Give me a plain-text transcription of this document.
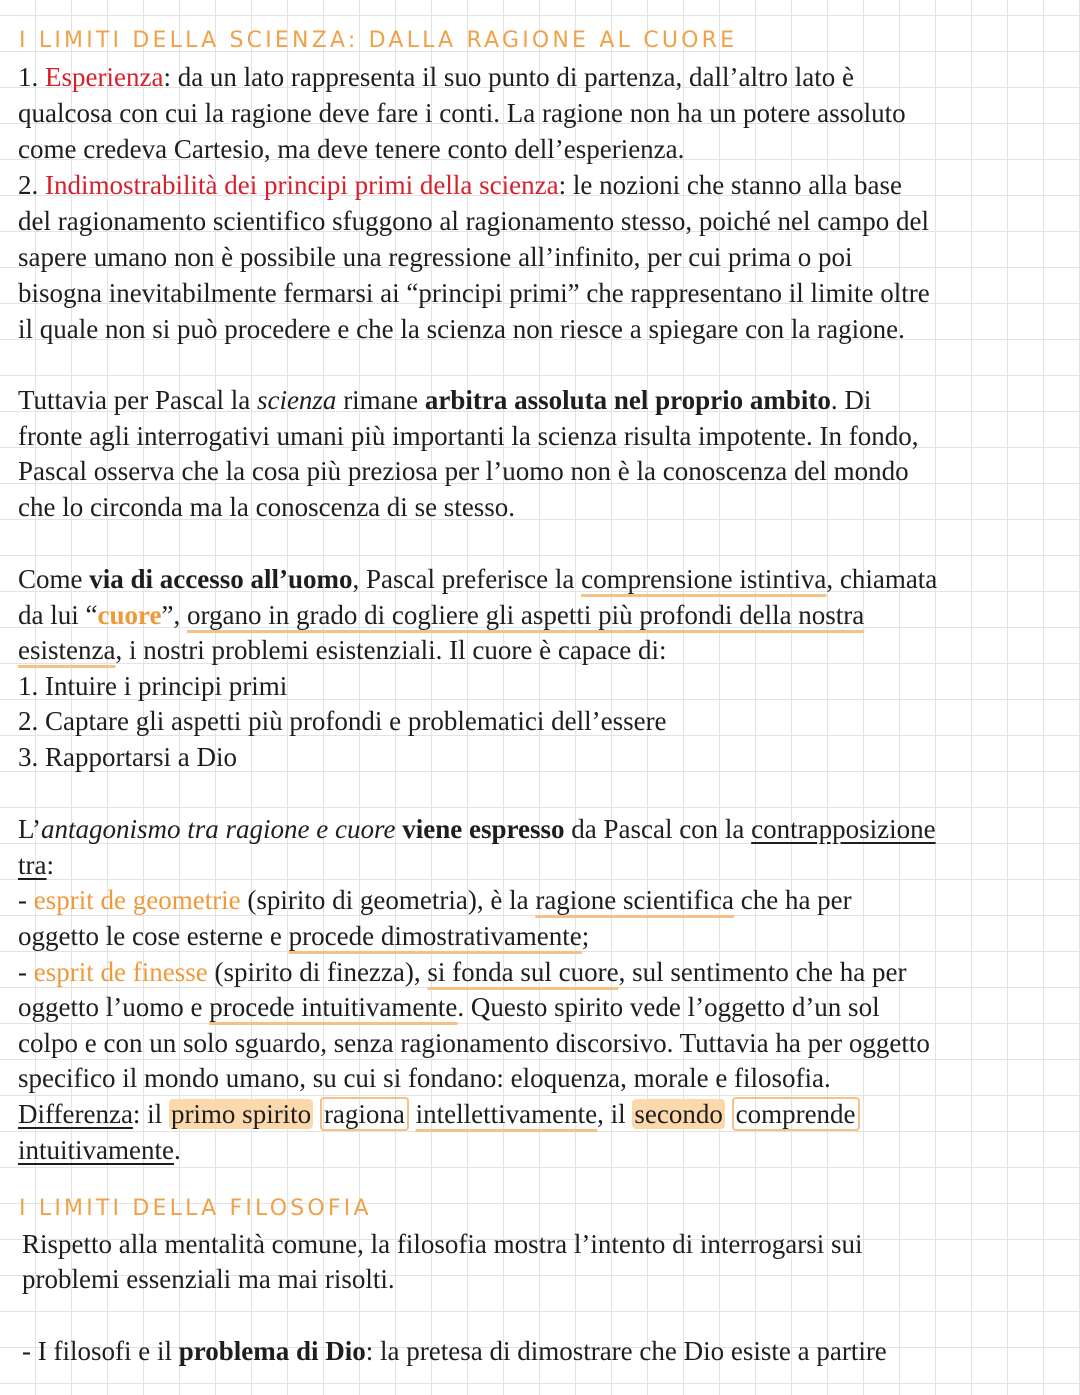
I LIMITI DELLA SCIENZA: DALLA RAGIONE AL CUORE
1. Esperienza: da un lato rappresenta il suo punto di partenza, dall’altro lato è
qualcosa con cui la ragione deve fare i conti. La ragione non ha un potere assoluto
come credeva Cartesio, ma deve tenere conto dell’esperienza.
2. Indimostrabilità dei principi primi della scienza: le nozioni che stanno alla base
del ragionamento scientifico sfuggono al ragionamento stesso, poiché nel campo del
sapere umano non è possibile una regressione all’infinito, per cui prima o poi
bisogna inevitabilmente fermarsi ai “principi primi” che rappresentano il limite oltre
il quale non si può procedere e che la scienza non riesce a spiegare con la ragione.
Tuttavia per Pascal la scienza rimane arbitra assoluta nel proprio ambito. Di
fronte agli interrogativi umani più importanti la scienza risulta impotente. In fondo,
Pascal osserva che la cosa più preziosa per l’uomo non è la conoscenza del mondo
che lo circonda ma la conoscenza di se stesso.
Come via di accesso all’uomo, Pascal preferisce la comprensione istintiva, chiamata
da lui “cuore”, organo in grado di cogliere gli aspetti più profondi della nostra
esistenza, i nostri problemi esistenziali. Il cuore è capace di:
1. Intuire i principi primi
2. Captare gli aspetti più profondi e problematici dell’essere
3. Rapportarsi a Dio
L’antagonismo tra ragione e cuore viene espresso da Pascal con la contrapposizione
tra:
- esprit de geometrie (spirito di geometria), è la ragione scientifica che ha per
oggetto le cose esterne e procede dimostrativamente;
- esprit de finesse (spirito di finezza), si fonda sul cuore, sul sentimento che ha per
oggetto l’uomo e procede intuitivamente. Questo spirito vede l’oggetto d’un sol
colpo e con un solo sguardo, senza ragionamento discorsivo. Tuttavia ha per oggetto
specifico il mondo umano, su cui si fondano: eloquenza, morale e filosofia.
Differenza: il primo spirito ragiona intellettivamente, il secondo comprende
intuitivamente.
I LIMITI DELLA FILOSOFIA
Rispetto alla mentalità comune, la filosofia mostra l’intento di interrogarsi sui
problemi essenziali ma mai risolti.
- I filosofi e il problema di Dio: la pretesa di dimostrare che Dio esiste a partire
